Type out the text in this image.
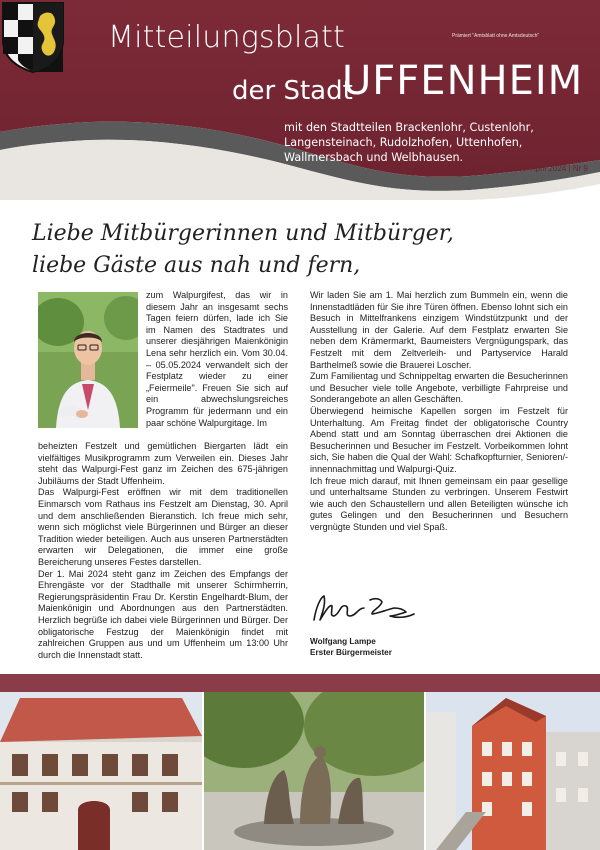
Prämiert "Amtsblatt ohne Amtsdeutsch"
Mitteilungsblatt
der Stadt
UFFENHEIM
mit den Stadtteilen Brackenlohr, Custenlohr, Langensteinach, Rudolzhofen, Uttenhofen, Wallmersbach und Welbhausen.
Jahrgang 2024 | Freitag, den 26. April 2024 | Nr 9
Liebe Mitbürgerinnen und Mitbürger,
liebe Gäste aus nah und fern,

zum Walpurgifest, das wir in diesem Jahr an insgesamt sechs Tagen feiern dürfen, lade ich Sie im Namen des Stadtrates und unserer diesjährigen Maienkönigin Lena sehr herzlich ein. Vom 30.04. – 05.05.2024 verwandelt sich der Festplatz wieder zu einer „Feiermeile". Freuen Sie sich auf ein abwechslungsreiches Programm für jedermann und ein paar schöne Walpurgitage. Im

beheizten Festzelt und gemütlichen Biergarten lädt ein vielfältiges Musikprogramm zum Verweilen ein. Dieses Jahr steht das Walpurgi-Fest ganz im Zeichen des 675-jährigen Jubiläums der Stadt Uffenheim.

Das Walpurgi-Fest eröffnen wir mit dem traditionellen Einmarsch vom Rathaus ins Festzelt am Dienstag, 30. April und dem anschließenden Bieranstich. Ich freue mich sehr, wenn sich möglichst viele Bürgerinnen und Bürger an dieser Tradition wieder beteiligen. Auch aus unseren Partnerstädten erwarten wir Delegationen, die immer eine große Bereicherung unseres Festes darstellen.

Der 1. Mai 2024 steht ganz im Zeichen des Empfangs der Ehrengäste vor der Stadthalle mit unserer Schirmherrin, Regierungspräsidentin Frau Dr. Kerstin Engelhardt-Blum, der Maienkönigin und Abordnungen aus den Partnerstädten. Herzlich begrüße ich dabei viele Bürgerinnen und Bürger. Der obligatorische Festzug der Maienkönigin findet mit zahlreichen Gruppen aus und um Uffenheim um 13:00 Uhr durch die Innenstadt statt.

Wir laden Sie am 1. Mai herzlich zum Bummeln ein, wenn die Innenstadtläden für Sie ihre Türen öffnen. Ebenso lohnt sich ein Besuch in Mittelfrankens einzigem Windstützpunkt und der Ausstellung in der Galerie. Auf dem Festplatz erwarten Sie neben dem Krämermarkt, Baumeisters Vergnügungspark, das Festzelt mit dem Zeltverleih- und Partyservice Harald Barthelmeß sowie die Brauerei Loscher.

Zum Familientag und Schnippeltag erwarten die Besucherinnen und Besucher viele tolle Angebote, verbilligte Fahrpreise und Sonderangebote an allen Geschäften.

Überwiegend heimische Kapellen sorgen im Festzelt für Unterhaltung. Am Freitag findet der obligatorische Country Abend statt und am Sonntag überraschen drei Aktionen die Besucherinnen und Besucher im Festzelt. Vorbeikommen lohnt sich, Sie haben die Qual der Wahl: Schafkopfturnier, Senioren/-innennachmittag und Walpurgi-Quiz.

Ich freue mich darauf, mit Ihnen gemeinsam ein paar gesellige und unterhaltsame Stunden zu verbringen. Unserem Festwirt wie auch den Schaustellern und allen Beteiligten wünsche ich gutes Gelingen und den Besucherinnen und Besuchern vergnügte Stunden und viel Spaß.

Wolfgang Lampe
Erster Bürgermeister
